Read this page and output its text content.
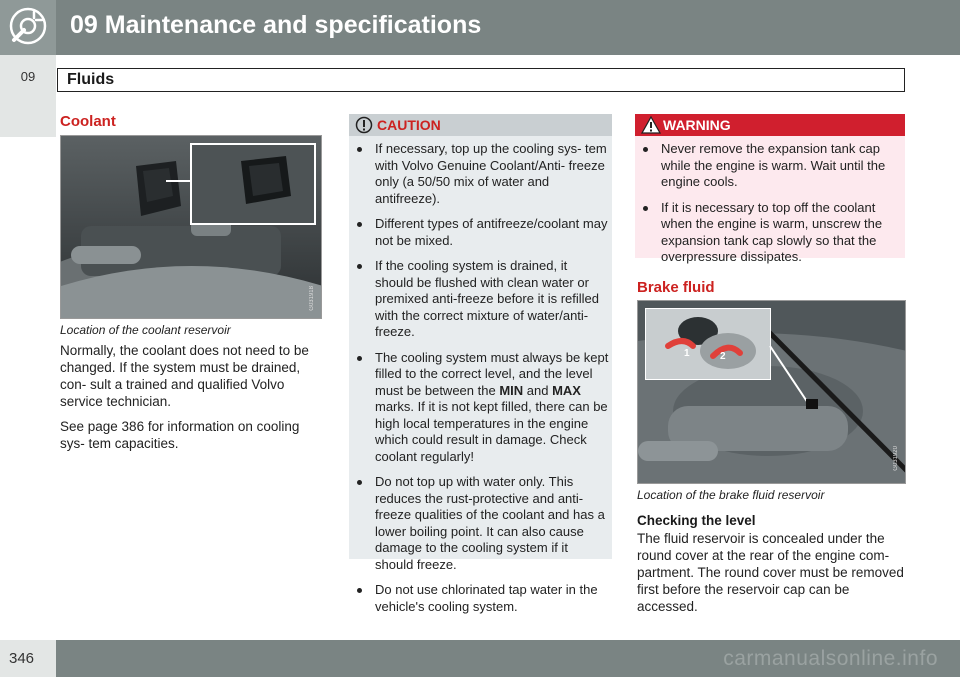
09 Maintenance and specifications
09	Fluids
Coolant
G031918
Location of the coolant reservoir
Normally, the coolant does not need to be changed. If the system must be drained, con- sult a trained and qualified Volvo service technician.
See page 386 for information on cooling sys- tem capacities.
CAUTION
If necessary, top up the cooling sys- tem with Volvo Genuine Coolant/Anti- freeze only (a 50/50 mix of water and antifreeze).
Different types of antifreeze/coolant may not be mixed.
If the cooling system is drained, it should be flushed with clean water or premixed anti-freeze before it is refilled with the correct mixture of water/anti- freeze.
The cooling system must always be kept filled to the correct level, and the level must be between the MIN and MAX marks. If it is not kept filled, there can be high local temperatures in the engine which could result in damage. Check coolant regularly!
Do not top up with water only. This reduces the rust-protective and anti- freeze qualities of the coolant and has a lower boiling point. It can also cause damage to the cooling system if it should freeze.
Do not use chlorinated tap water in the vehicle's cooling system.
WARNING
Never remove the expansion tank cap while the engine is warm. Wait until the engine cools.
If it is necessary to top off the coolant when the engine is warm, unscrew the expansion tank cap slowly so that the overpressure dissipates.
Brake fluid
1	2
G031920
Location of the brake fluid reservoir
Checking the level
The fluid reservoir is concealed under the round cover at the rear of the engine com- partment. The round cover must be removed first before the reservoir cap can be accessed.
346	carmanualsonline.info
